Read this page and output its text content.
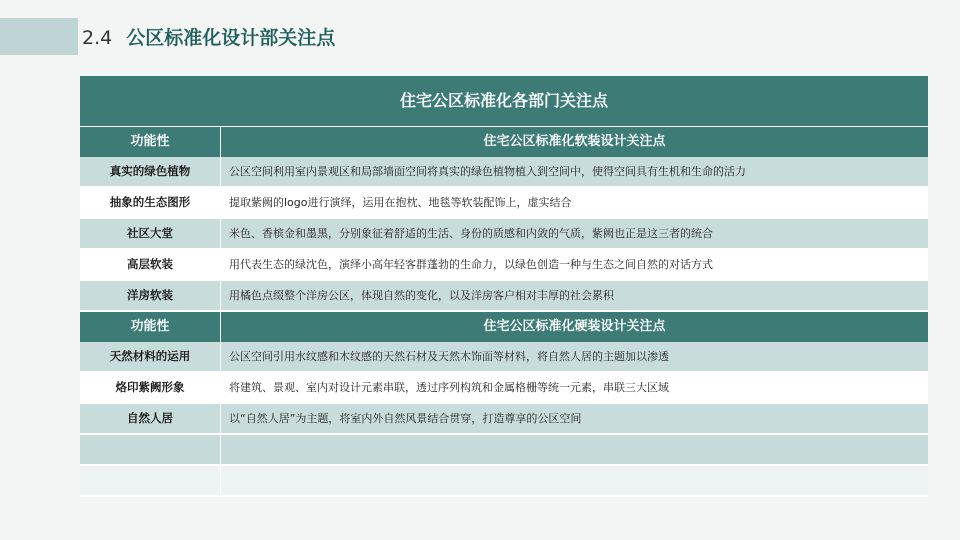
2.4 公区标准化设计部关注点
住宅公区标准化各部门关注点
功能性	住宅公区标准化软装设计关注点
真实的绿色植物	公区空间利用室内景观区和局部墙面空间将真实的绿色植物植入到空间中，使得空间具有生机和生命的活力
抽象的生态图形	提取紫阙的logo进行演绎，运用在抱枕、地毯等软装配饰上，虚实结合
社区大堂	米色、香槟金和墨黑，分别象征着舒适的生活、身份的质感和内敛的气质，紫阙也正是这三者的统合
高层软装	用代表生态的绿沈色，演绎小高年轻客群蓬勃的生命力，以绿色创造一种与生态之间自然的对话方式
洋房软装	用橘色点缀整个洋房公区，体现自然的变化，以及洋房客户相对丰厚的社会累积
功能性	住宅公区标准化硬装设计关注点
天然材料的运用	公区空间引用水纹感和木纹感的天然石材及天然木饰面等材料，将自然人居的主题加以渗透
烙印紫阙形象	将建筑、景观、室内对设计元素串联，透过序列构筑和金属格栅等统一元素，串联三大区域
自然人居	以“自然人居”为主题，将室内外自然风景结合贯穿，打造尊享的公区空间
